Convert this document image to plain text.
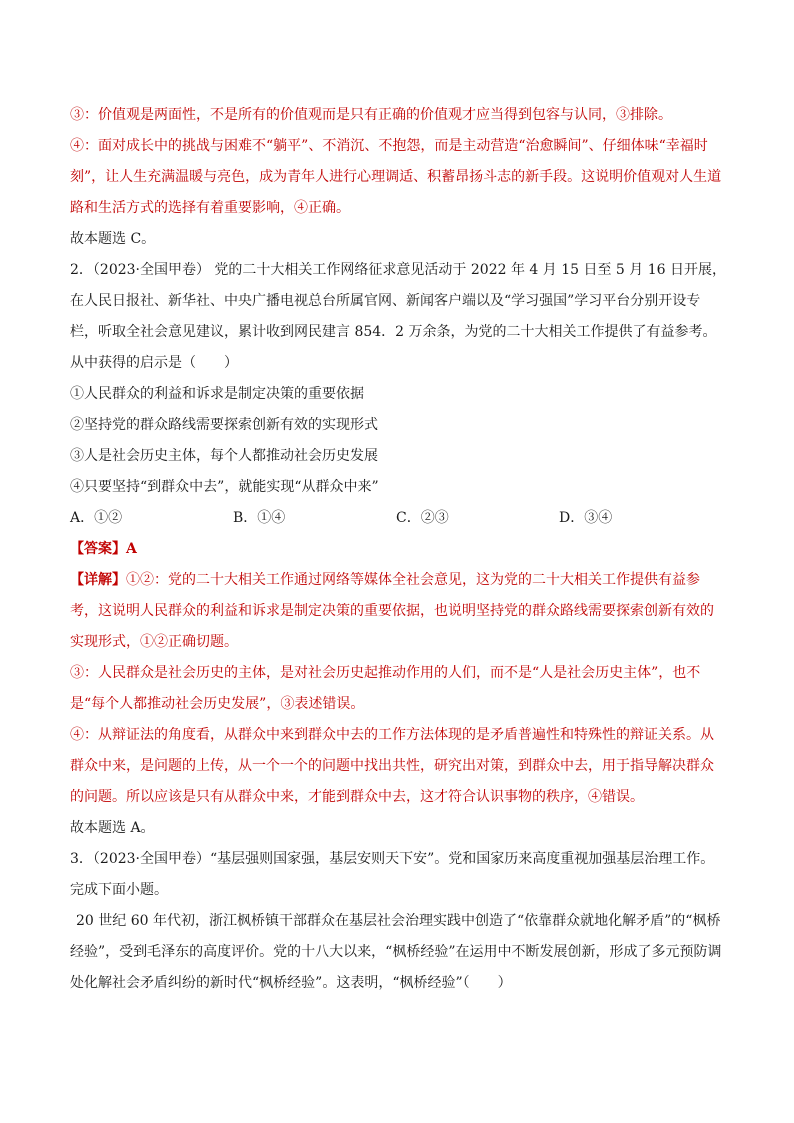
③：价值观是两面性，不是所有的价值观而是只有正确的价值观才应当得到包容与认同，③排除。

④：面对成长中的挑战与困难不“躺平”、不消沉、不抱怨，而是主动营造“治愈瞬间”、仔细体味“幸福时刻”，让人生充满温暖与亮色，成为青年人进行心理调适、积蓄昂扬斗志的新手段。这说明价值观对人生道路和生活方式的选择有着重要影响，④正确。

故本题选 C。

2．（2023·全国甲卷） 党的二十大相关工作网络征求意见活动于 2022 年 4 月 15 日至 5 月 16 日开展，在人民日报社、新华社、中央广播电视总台所属官网、新闻客户端以及“学习强国”学习平台分别开设专栏，听取全社会意见建议，累计收到网民建言 854．2 万余条，为党的二十大相关工作提供了有益参考。从中获得的启示是（　　）

①人民群众的利益和诉求是制定决策的重要依据

②坚持党的群众路线需要探索创新有效的实现形式

③人是社会历史主体，每个人都推动社会历史发展

④只要坚持“到群众中去”，就能实现“从群众中来”

A．①②	B．①④	C．②③	D．③④

【答案】A

【详解】①②：党的二十大相关工作通过网络等媒体全社会意见，这为党的二十大相关工作提供有益参考，这说明人民群众的利益和诉求是制定决策的重要依据，也说明坚持党的群众路线需要探索创新有效的实现形式，①②正确切题。

③：人民群众是社会历史的主体，是对社会历史起推动作用的人们，而不是“人是社会历史主体”，也不是“每个人都推动社会历史发展”，③表述错误。

④：从辩证法的角度看，从群众中来到群众中去的工作方法体现的是矛盾普遍性和特殊性的辩证关系。从群众中来，是问题的上传，从一个一个的问题中找出共性，研究出对策，到群众中去，用于指导解决群众的问题。所以应该是只有从群众中来，才能到群众中去，这才符合认识事物的秩序，④错误。

故本题选 A。

3．（2023·全国甲卷）“基层强则国家强，基层安则天下安”。党和国家历来高度重视加强基层治理工作。完成下面小题。

20 世纪 60 年代初，浙江枫桥镇干部群众在基层社会治理实践中创造了“依靠群众就地化解矛盾”的“枫桥经验”，受到毛泽东的高度评价。党的十八大以来，“枫桥经验”在运用中不断发展创新，形成了多元预防调处化解社会矛盾纠纷的新时代“枫桥经验”。这表明，“枫桥经验”（　　）
